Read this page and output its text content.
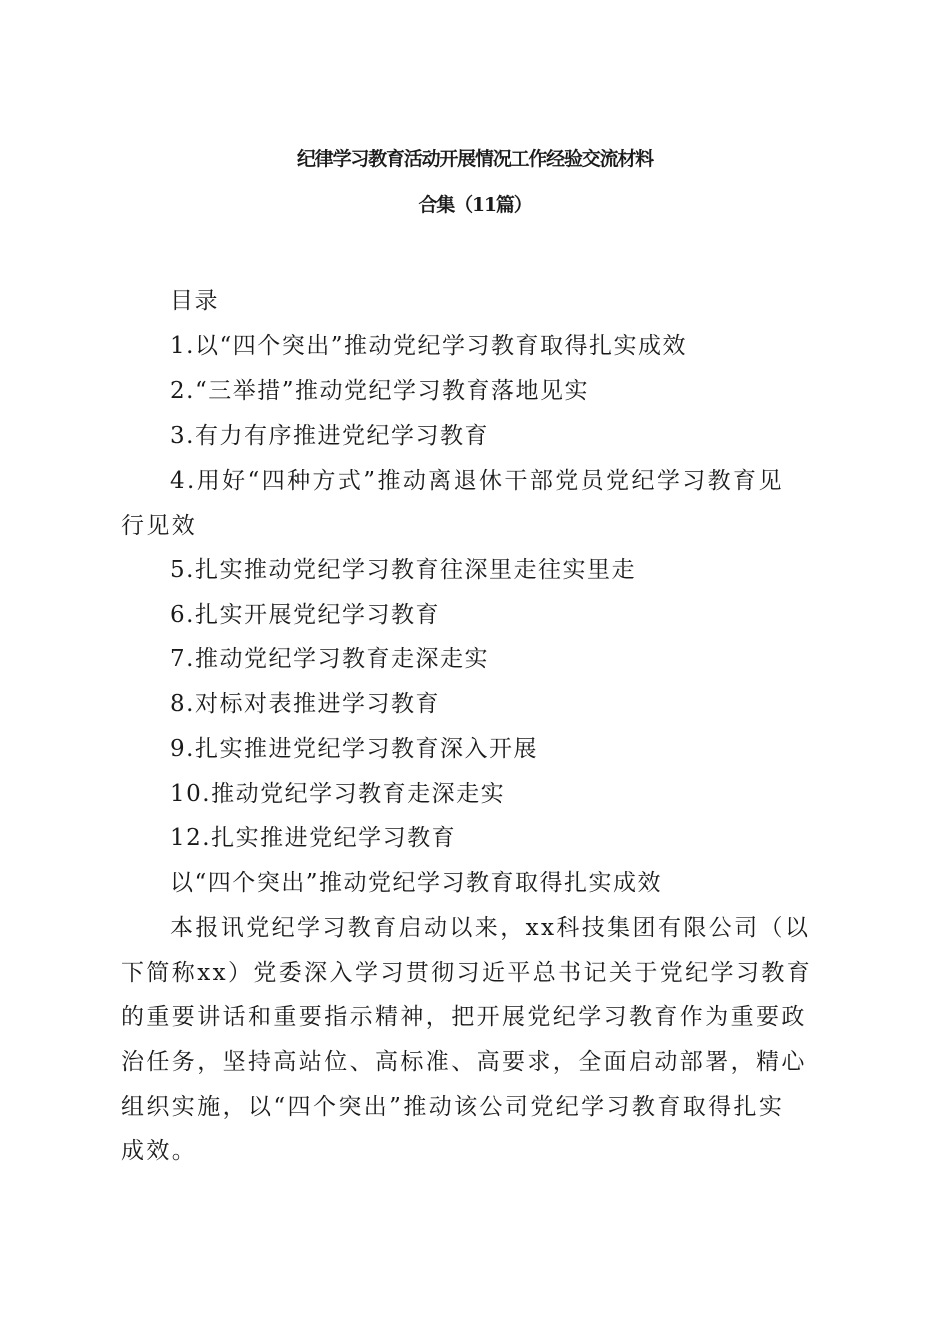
纪律学习教育活动开展情况工作经验交流材料
合集（11篇）
目录
1.以“四个突出”推动党纪学习教育取得扎实成效
2.“三举措”推动党纪学习教育落地见实
3.有力有序推进党纪学习教育
4.用好“四种方式”推动离退休干部党员党纪学习教育见
行见效
5.扎实推动党纪学习教育往深里走往实里走
6.扎实开展党纪学习教育
7.推动党纪学习教育走深走实
8.对标对表推进学习教育
9.扎实推进党纪学习教育深入开展
10.推动党纪学习教育走深走实
12.扎实推进党纪学习教育
以“四个突出”推动党纪学习教育取得扎实成效
本报讯党纪学习教育启动以来，xx科技集团有限公司（以
下简称xx）党委深入学习贯彻习近平总书记关于党纪学习教育
的重要讲话和重要指示精神，把开展党纪学习教育作为重要政
治任务，坚持高站位、高标准、高要求，全面启动部署，精心
组织实施，以“四个突出”推动该公司党纪学习教育取得扎实
成效。
